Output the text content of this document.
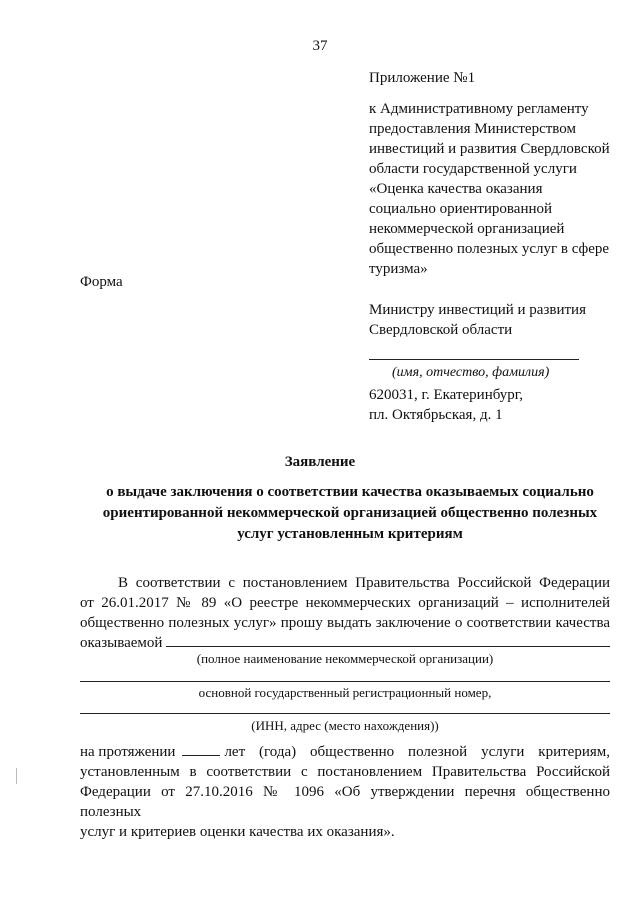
37
Приложение №1
к Административному регламенту
предоставления Министерством
инвестиций и развития Свердловской
области государственной услуги
«Оценка качества оказания
социально ориентированной
некоммерческой организацией
общественно полезных услуг в сфере
туризма»
Форма
Министру инвестиций и развития
Свердловской области
(имя, отчество, фамилия)
620031, г. Екатеринбург,
пл. Октябрьская, д. 1
Заявление
о выдаче заключения о соответствии качества оказываемых социально
ориентированной некоммерческой организацией общественно полезных
услуг установленным критериям
В соответствии с постановлением Правительства Российской Федерации
от 26.01.2017 № 89 «О реестре некоммерческих организаций – исполнителей
общественно полезных услуг» прошу выдать заключение о соответствии качества
оказываемой
(полное наименование некоммерческой организации)
основной государственный регистрационный номер,
(ИНН, адрес (место нахождения))
на протяжении	лет (года) общественно полезной услуги критериям,
установленным в соответствии с постановлением Правительства Российской
Федерации от 27.10.2016 № 1096 «Об утверждении перечня общественно полезных
услуг и критериев оценки качества их оказания».
